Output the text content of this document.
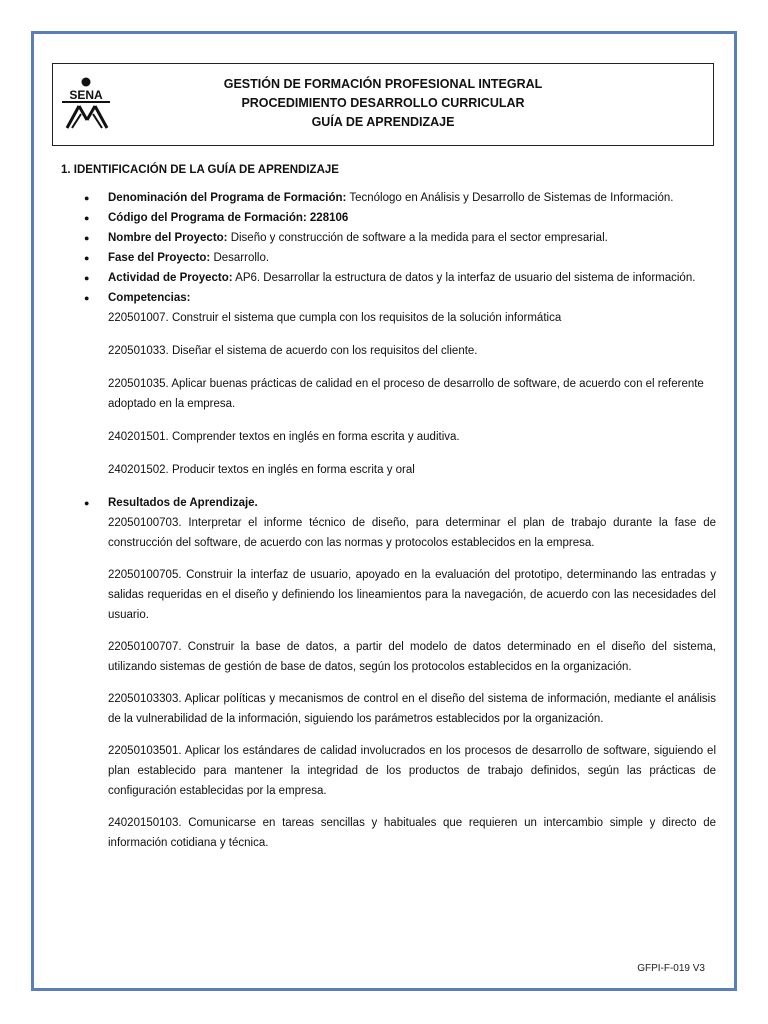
SENA
GESTIÓN DE FORMACIÓN PROFESIONAL INTEGRAL
PROCEDIMIENTO DESARROLLO CURRICULAR
GUÍA DE APRENDIZAJE
1. IDENTIFICACIÓN DE LA GUÍA DE APRENDIZAJE
● Denominación del Programa de Formación: Tecnólogo en Análisis y Desarrollo de Sistemas de Información.
● Código del Programa de Formación: 228106
● Nombre del Proyecto: Diseño y construcción de software a la medida para el sector empresarial.
● Fase del Proyecto: Desarrollo.
● Actividad de Proyecto: AP6. Desarrollar la estructura de datos y la interfaz de usuario del sistema de información.
● Competencias:
220501007. Construir el sistema que cumpla con los requisitos de la solución informática
220501033. Diseñar el sistema de acuerdo con los requisitos del cliente.
220501035. Aplicar buenas prácticas de calidad en el proceso de desarrollo de software, de acuerdo con el referente adoptado en la empresa.
240201501. Comprender textos en inglés en forma escrita y auditiva.
240201502. Producir textos en inglés en forma escrita y oral
● Resultados de Aprendizaje.
22050100703. Interpretar el informe técnico de diseño, para determinar el plan de trabajo durante la fase de construcción del software, de acuerdo con las normas y protocolos establecidos en la empresa.
22050100705. Construir la interfaz de usuario, apoyado en la evaluación del prototipo, determinando las entradas y salidas requeridas en el diseño y definiendo los lineamientos para la navegación, de acuerdo con las necesidades del usuario.
22050100707. Construir la base de datos, a partir del modelo de datos determinado en el diseño del sistema, utilizando sistemas de gestión de base de datos, según los protocolos establecidos en la organización.
22050103303. Aplicar políticas y mecanismos de control en el diseño del sistema de información, mediante el análisis de la vulnerabilidad de la información, siguiendo los parámetros establecidos por la organización.
22050103501. Aplicar los estándares de calidad involucrados en los procesos de desarrollo de software, siguiendo el plan establecido para mantener la integridad de los productos de trabajo definidos, según las prácticas de configuración establecidas por la empresa.
24020150103. Comunicarse en tareas sencillas y habituales que requieren un intercambio simple y directo de información cotidiana y técnica.
GFPI-F-019 V3
